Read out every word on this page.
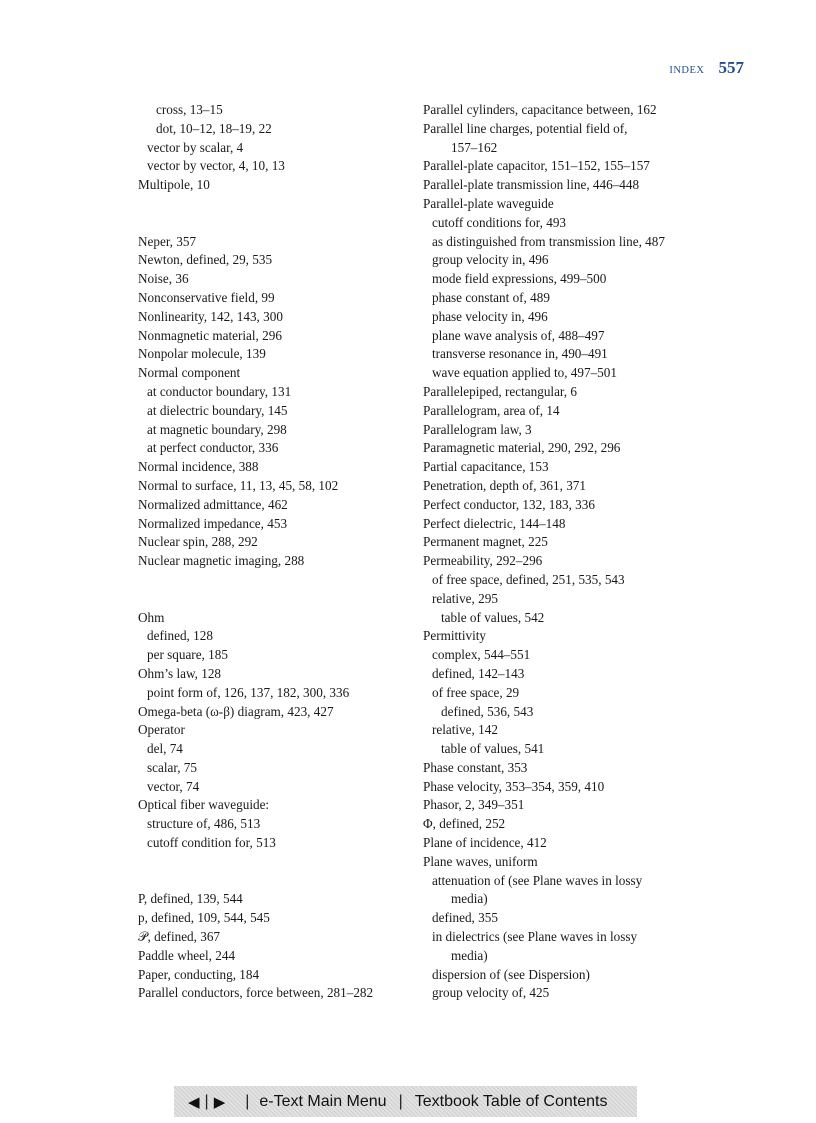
INDEX 557
cross, 13–15
dot, 10–12, 18–19, 22
vector by scalar, 4
vector by vector, 4, 10, 13
Multipole, 10
Neper, 357
Newton, defined, 29, 535
Noise, 36
Nonconservative field, 99
Nonlinearity, 142, 143, 300
Nonmagnetic material, 296
Nonpolar molecule, 139
Normal component
at conductor boundary, 131
at dielectric boundary, 145
at magnetic boundary, 298
at perfect conductor, 336
Normal incidence, 388
Normal to surface, 11, 13, 45, 58, 102
Normalized admittance, 462
Normalized impedance, 453
Nuclear spin, 288, 292
Nuclear magnetic imaging, 288
Ohm
defined, 128
per square, 185
Ohm’s law, 128
point form of, 126, 137, 182, 300, 336
Omega-beta (ω-β) diagram, 423, 427
Operator
del, 74
scalar, 75
vector, 74
Optical fiber waveguide:
structure of, 486, 513
cutoff condition for, 513
P, defined, 139, 544
p, defined, 109, 544, 545
𝒫, defined, 367
Paddle wheel, 244
Paper, conducting, 184
Parallel conductors, force between, 281–282
Parallel cylinders, capacitance between, 162
Parallel line charges, potential field of,
157–162
Parallel-plate capacitor, 151–152, 155–157
Parallel-plate transmission line, 446–448
Parallel-plate waveguide
cutoff conditions for, 493
as distinguished from transmission line, 487
group velocity in, 496
mode field expressions, 499–500
phase constant of, 489
phase velocity in, 496
plane wave analysis of, 488–497
transverse resonance in, 490–491
wave equation applied to, 497–501
Parallelepiped, rectangular, 6
Parallelogram, area of, 14
Parallelogram law, 3
Paramagnetic material, 290, 292, 296
Partial capacitance, 153
Penetration, depth of, 361, 371
Perfect conductor, 132, 183, 336
Perfect dielectric, 144–148
Permanent magnet, 225
Permeability, 292–296
of free space, defined, 251, 535, 543
relative, 295
table of values, 542
Permittivity
complex, 544–551
defined, 142–143
of free space, 29
defined, 536, 543
relative, 142
table of values, 541
Phase constant, 353
Phase velocity, 353–354, 359, 410
Phasor, 2, 349–351
Φ, defined, 252
Plane of incidence, 412
Plane waves, uniform
attenuation of (see Plane waves in lossy
media)
defined, 355
in dielectrics (see Plane waves in lossy
media)
dispersion of (see Dispersion)
group velocity of, 425
◀ | ▶	| e-Text Main Menu | Textbook Table of Contents
